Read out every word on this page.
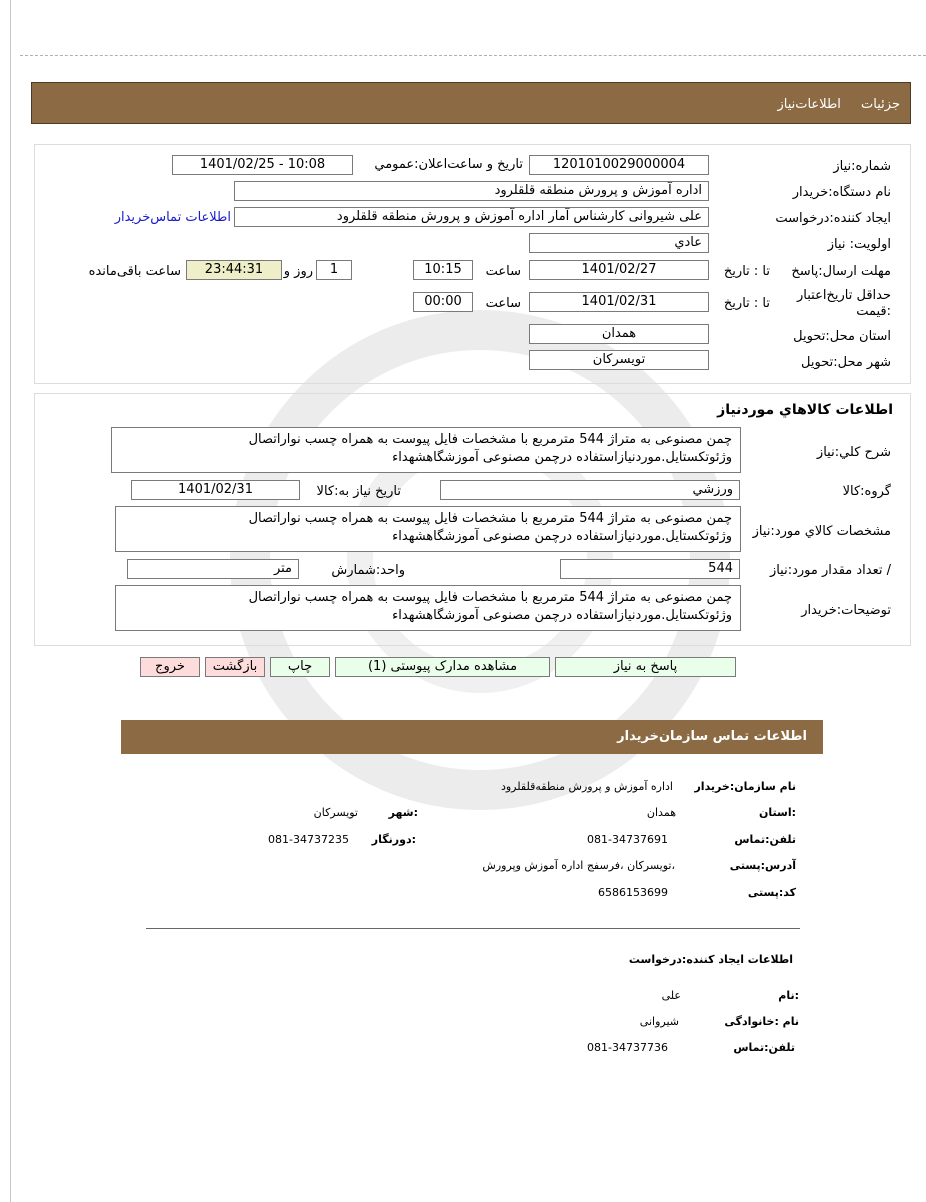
جزئیات اطلاعات‌نیاز
شماره:نیاز
1201010029000004
تاریخ و ساعت‌اعلان:عمومي
1401/02/25 - 10:08
نام دستگاه:خریدار
اداره آموزش و پرورش منطقه قلقلرود
ایجاد کننده:درخواست
علی شیروانی کارشناس آمار اداره آموزش و پرورش منطقه قلقلرود
اطلاعات تماس‌خریدار
اولویت: نیاز
عادي
مهلت ارسال:پاسخ
تا : تاریخ
1401/02/27
ساعت
10:15
1
روز و
23:44:31
ساعت باقی‌مانده
حداقل تاریخ‌اعتبار :قیمت
تا : تاریخ
1401/02/31
ساعت
00:00
استان محل:تحویل
همدان
شهر محل:تحویل
تویسرکان
اطلاعات کالاهاي موردنیاز
شرح کلي:نیاز
چمن مصنوعی به متراژ 544 مترمربع با مشخصات فایل پیوست به همراه چسب نواراتصال وژئوتکستایل.موردنیازاستفاده درچمن مصنوعی آموزشگاهشهداء
گروه:کالا
ورزشي
تاریخ نیاز به:کالا
1401/02/31
مشخصات کالاي مورد:نیاز
چمن مصنوعی به متراژ 544 مترمربع با مشخصات فایل پیوست به همراه چسب نواراتصال وژئوتکستایل.موردنیازاستفاده درچمن مصنوعی آموزشگاهشهداء
/ تعداد مقدار مورد:نیاز
544
واحد:شمارش
متر
توضیحات:خریدار
چمن مصنوعی به متراژ 544 مترمربع با مشخصات فایل پیوست به همراه چسب نواراتصال وژئوتکستایل.موردنیازاستفاده درچمن مصنوعی آموزشگاهشهداء
پاسخ به نیاز
مشاهده مدارک پیوستی (1)
چاپ
بازگشت
خروج
اطلاعات تماس سازمان‌خریدار
نام سازمان:خریدار
اداره آموزش و پرورش منطقه‌قلقلرود
:استان
همدان
:شهر
تویسرکان
تلفن:تماس
081-34737691
:دورنگار
081-34737235
آدرس:پستی
،تویسرکان ،فرسفج اداره آموزش وپرورش
کد:پستی
6586153699
اطلاعات ایجاد کننده:درخواست
:نام
علی
نام :خانوادگی
شیروانی
تلفن:تماس
081-34737736
